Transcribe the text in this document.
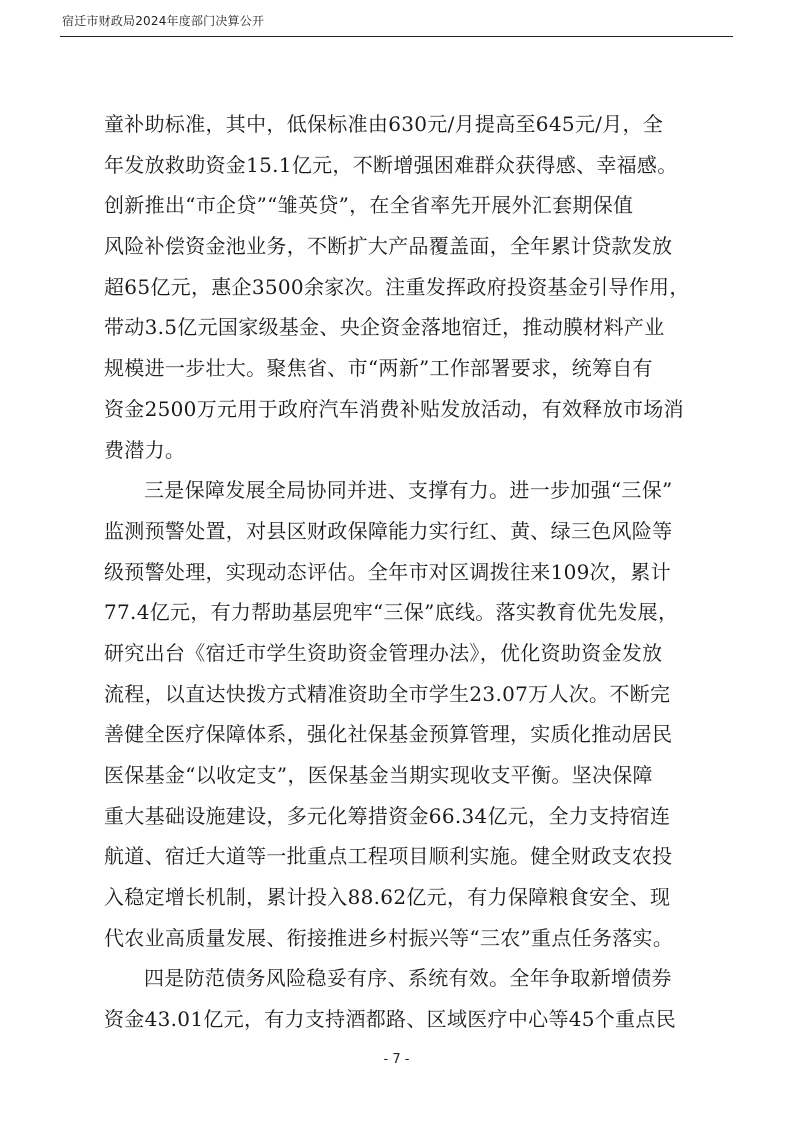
宿迁市财政局2024年度部门决算公开
童补助标准，其中，低保标准由630元/月提高至645元/月，全
年发放救助资金15.1亿元，不断增强困难群众获得感、幸福感。
创新推出“市企贷”“雏英贷”，在全省率先开展外汇套期保值
风险补偿资金池业务，不断扩大产品覆盖面，全年累计贷款发放
超65亿元，惠企3500余家次。注重发挥政府投资基金引导作用，
带动3.5亿元国家级基金、央企资金落地宿迁，推动膜材料产业
规模进一步壮大。聚焦省、市“两新”工作部署要求，统筹自有
资金2500万元用于政府汽车消费补贴发放活动，有效释放市场消
费潜力。
三是保障发展全局协同并进、支撑有力。进一步加强“三保”
监测预警处置，对县区财政保障能力实行红、黄、绿三色风险等
级预警处理，实现动态评估。全年市对区调拨往来109次，累计
77.4亿元，有力帮助基层兜牢“三保”底线。落实教育优先发展，
研究出台《宿迁市学生资助资金管理办法》，优化资助资金发放
流程，以直达快拨方式精准资助全市学生23.07万人次。不断完
善健全医疗保障体系，强化社保基金预算管理，实质化推动居民
医保基金“以收定支”，医保基金当期实现收支平衡。坚决保障
重大基础设施建设，多元化筹措资金66.34亿元，全力支持宿连
航道、宿迁大道等一批重点工程项目顺利实施。健全财政支农投
入稳定增长机制，累计投入88.62亿元，有力保障粮食安全、现
代农业高质量发展、衔接推进乡村振兴等“三农”重点任务落实。
四是防范债务风险稳妥有序、系统有效。全年争取新增债券
资金43.01亿元，有力支持酒都路、区域医疗中心等45个重点民
- 7 -
